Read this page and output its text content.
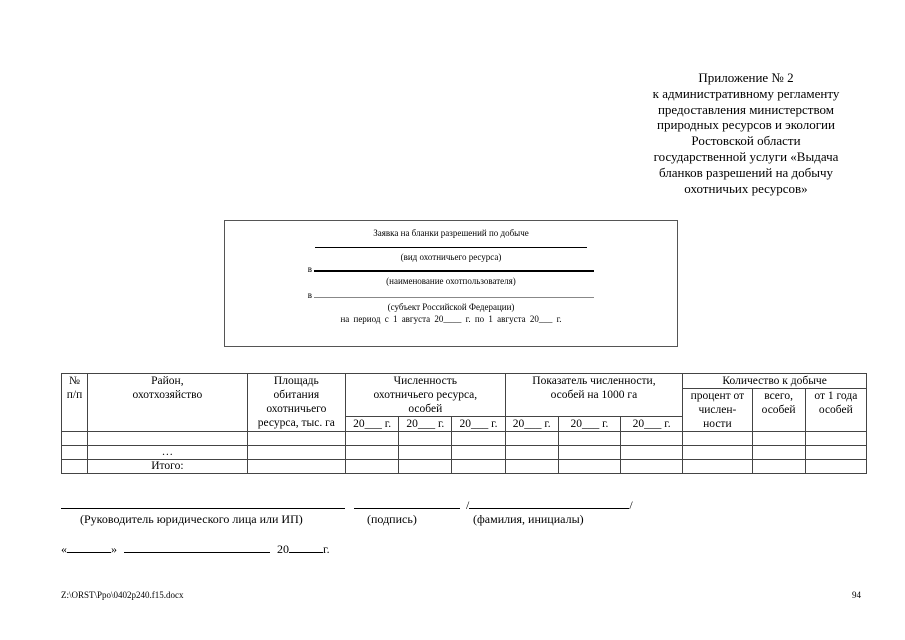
Приложение № 2
к административному регламенту
предоставления министерством
природных ресурсов и экологии
Ростовской области
государственной услуги «Выдача
бланков разрешений на добычу
охотничьих ресурсов»
Заявка на бланки разрешений по добыче
(вид охотничьего ресурса)
в
(наименование охотпользователя)
в
(субъект Российской Федерации)
на период с 1 августа 20____ г. по 1 августа 20___ г.
№ п/п	Район, охотхозяйство	Площадь обитания охотничьего ресурса, тыс. га	Численность охотничьего ресурса, особей			Показатель численности, особей на 1000 га			Количество к добыче		
									процент от числен-ности	всего, особей	от 1 года особей
			20___ г.	20___ г.	20___ г.	20___ г.	20___ г.	20___ г.			

	…										
	Итого:										
/	/
(Руководитель юридического лица или ИП)	(подпись)	(фамилия, инициалы)
«	»	20	г.
Z:\ORST\Ppo\0402p240.f15.docx	94
